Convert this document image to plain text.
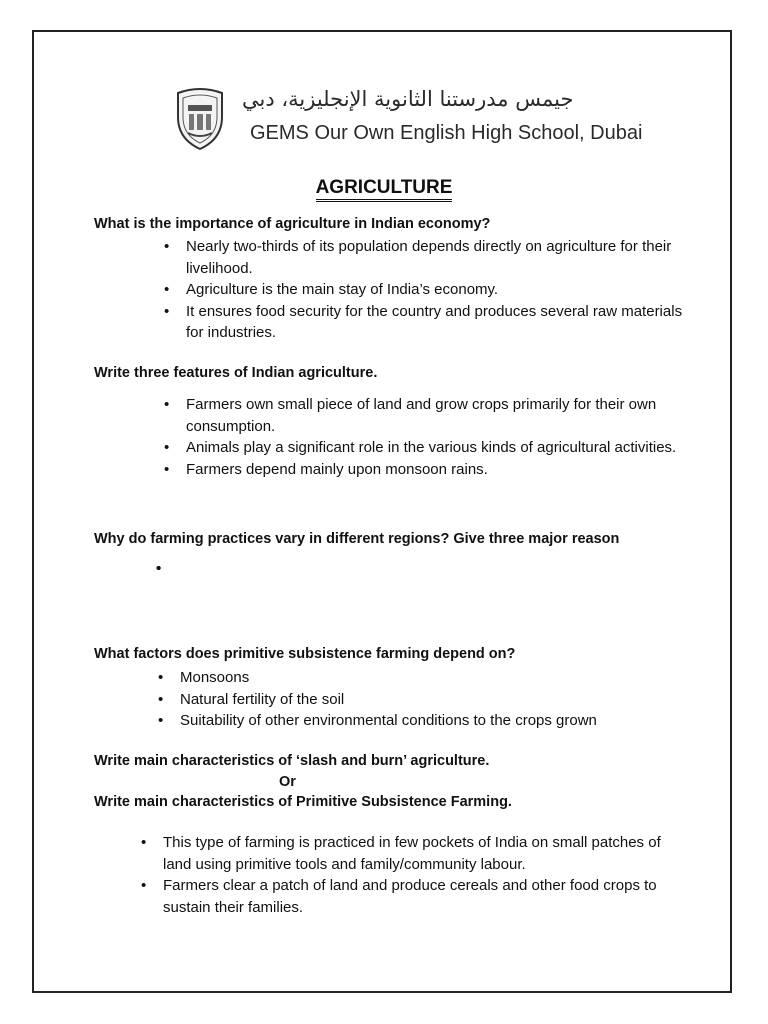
جيمس مدرستنا الثانوية الإنجليزية، دبي
GEMS Our Own English High School, Dubai
AGRICULTURE
What is the importance of agriculture in Indian economy?
• Nearly two-thirds of its population depends directly on agriculture for their livelihood.
• Agriculture is the main stay of India’s economy.
• It ensures food security for the country and produces several raw materials for industries.
Write three features of Indian agriculture.
• Farmers own small piece of land and grow crops primarily for their own consumption.
• Animals play a significant role in the various kinds of agricultural activities.
• Farmers depend mainly upon monsoon rains.
Why do farming practices vary in different regions? Give three major reason
What factors does primitive subsistence farming depend on?
• Monsoons
• Natural fertility of the soil
• Suitability of other environmental conditions to the crops grown
Write main characteristics of ‘slash and burn’ agriculture.
Or
Write main characteristics of Primitive Subsistence Farming.
• This type of farming is practiced in few pockets of India on small patches of land using primitive tools and family/community labour.
• Farmers clear a patch of land and produce cereals and other food crops to sustain their families.
